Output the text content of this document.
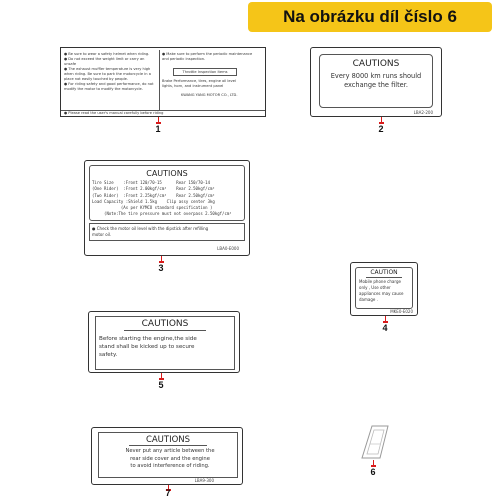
Na obrázku díl číslo 6
● Be sure to wear a safety helmet when riding.
● Do not exceed the weight limit or carry an
unsafe
● The exhaust muffler temperature is very high
when riding. Be sure to park the motorcycle in a
place not easily touched by people.
● For riding safety and good performance, do not
modify the motor to modify the motorcycle.
● Make sure to perform the periodic maintenance
and periodic inspection.
Throttle Inspection items
Brake Performance, tires, engine oil level
lights, horn, and instrument panel
KWANG YANG MOTOR CO., LTD.
● Please read the user's manual carefully before riding
1
CAUTIONS
Every 8000 km runs should
exchange the filter.
LBA2-200
2
CAUTIONS
Tire Size    :Front 120/70-15      Rear 150/70-14
(One Rider)  :Front 2.00kgf/cm²    Rear 2.50kgf/cm²
(Two Rider)  :Front 2.25kgf/cm²    Rear 2.50kgf/cm²
Load Capacity :Shield 1.5kg    Clip assy center 3kg
(As per KYMCO standard specification )
(Note:The tire pressure must not overpass 2.50kgf/cm²
● Check the motor oil level with the dipstick after refilling
motor oil.
LBA0-E000
3	CAUTION
Mobile phone charge
only , Use other
appliances may cause
damage .
MKE0-E020
4
CAUTIONS
Before starting the engine,the side
stand shall be kicked up to secure
safety.
5
6
CAUTIONS
Never put any article between the
rear side cover and the engine
to avoid interference of riding.
LBA9-300
7
